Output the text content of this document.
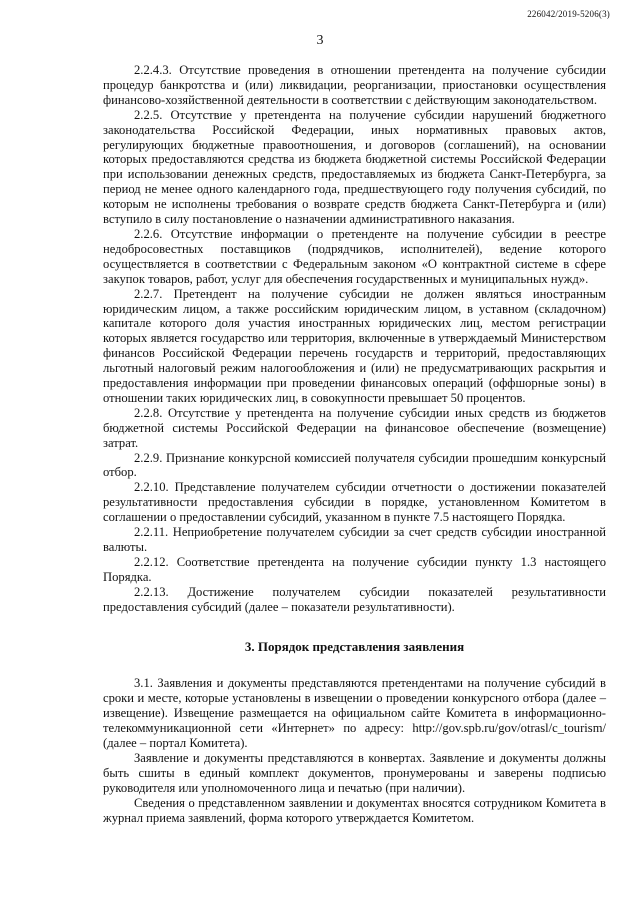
226042/2019-5206(3)
3

2.2.4.3. Отсутствие проведения в отношении претендента на получение субсидии процедур банкротства и (или) ликвидации, реорганизации, приостановки осуществления финансово-хозяйственной деятельности в соответствии с действующим законодательством.

2.2.5. Отсутствие у претендента на получение субсидии нарушений бюджетного законодательства Российской Федерации, иных нормативных правовых актов, регулирующих бюджетные правоотношения, и договоров (соглашений), на основании которых предоставляются средства из бюджета бюджетной системы Российской Федерации при использовании денежных средств, предоставляемых из бюджета Санкт-Петербурга, за период не менее одного календарного года, предшествующего году получения субсидий, по которым не исполнены требования о возврате средств бюджета Санкт-Петербурга и (или) вступило в силу постановление о назначении административного наказания.

2.2.6. Отсутствие информации о претенденте на получение субсидии в реестре недобросовестных поставщиков (подрядчиков, исполнителей), ведение которого осуществляется в соответствии с Федеральным законом «О контрактной системе в сфере закупок товаров, работ, услуг для обеспечения государственных и муниципальных нужд».

2.2.7. Претендент на получение субсидии не должен являться иностранным юридическим лицом, а также российским юридическим лицом, в уставном (складочном) капитале которого доля участия иностранных юридических лиц, местом регистрации которых является государство или территория, включенные в утверждаемый Министерством финансов Российской Федерации перечень государств и территорий, предоставляющих льготный налоговый режим налогообложения и (или) не предусматривающих раскрытия и предоставления информации при проведении финансовых операций (оффшорные зоны) в отношении таких юридических лиц, в совокупности превышает 50 процентов.

2.2.8. Отсутствие у претендента на получение субсидии иных средств из бюджетов бюджетной системы Российской Федерации на финансовое обеспечение (возмещение) затрат.

2.2.9. Признание конкурсной комиссией получателя субсидии прошедшим конкурсный отбор.

2.2.10. Представление получателем субсидии отчетности о достижении показателей результативности предоставления субсидии в порядке, установленном Комитетом в соглашении о предоставлении субсидий, указанном в пункте 7.5 настоящего Порядка.

2.2.11. Неприобретение получателем субсидии за счет средств субсидии иностранной валюты.

2.2.12. Соответствие претендента на получение субсидии пункту 1.3 настоящего Порядка.

2.2.13. Достижение получателем субсидии показателей результативности предоставления субсидий (далее – показатели результативности).

3. Порядок представления заявления

3.1. Заявления и документы представляются претендентами на получение субсидий в сроки и месте, которые установлены в извещении о проведении конкурсного отбора (далее – извещение). Извещение размещается на официальном сайте Комитета в информационно-телекоммуникационной сети «Интернет» по адресу: http://gov.spb.ru/gov/otrasl/c_tourism/ (далее – портал Комитета).

Заявление и документы представляются в конвертах. Заявление и документы должны быть сшиты в единый комплект документов, пронумерованы и заверены подписью руководителя или уполномоченного лица и печатью (при наличии).

Сведения о представленном заявлении и документах вносятся сотрудником Комитета в журнал приема заявлений, форма которого утверждается Комитетом.
